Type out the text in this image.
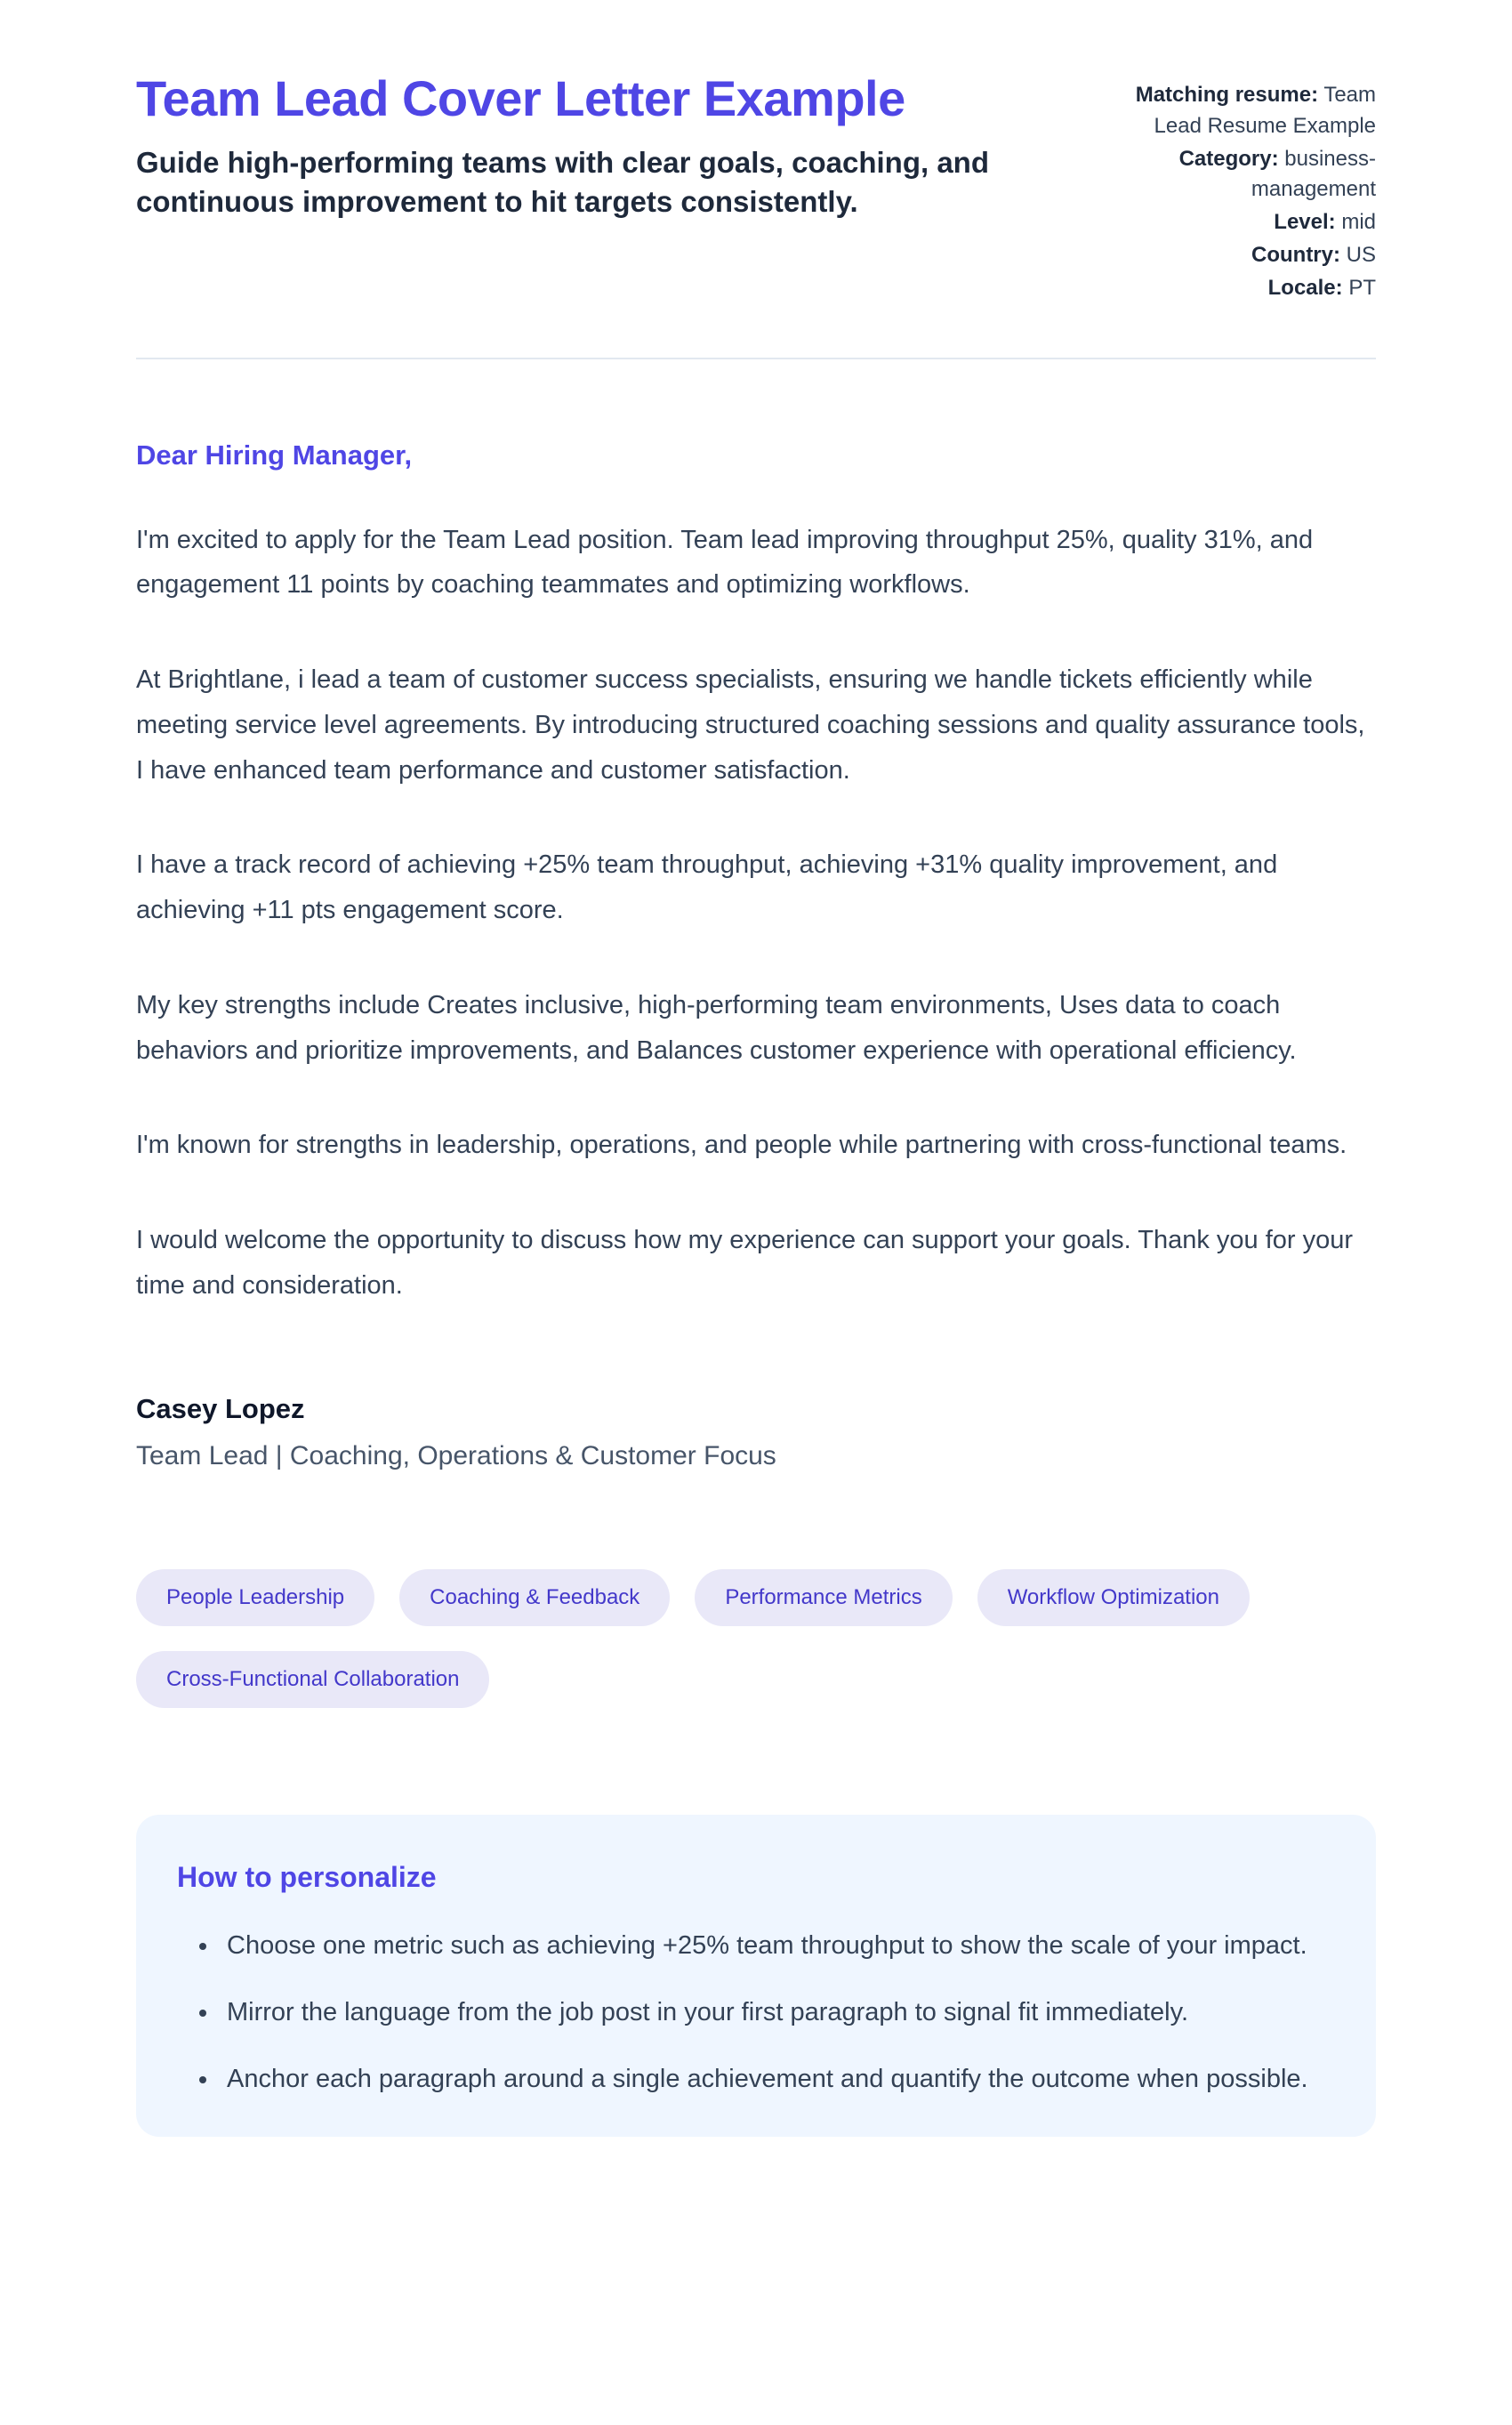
Team Lead Cover Letter Example

Guide high-performing teams with clear goals, coaching, and continuous improvement to hit targets consistently.

Matching resume: Team Lead Resume Example
Category: business-management
Level: mid
Country: US
Locale: PT

Dear Hiring Manager,

I'm excited to apply for the Team Lead position. Team lead improving throughput 25%, quality 31%, and engagement 11 points by coaching teammates and optimizing workflows.

At Brightlane, i lead a team of customer success specialists, ensuring we handle tickets efficiently while meeting service level agreements. By introducing structured coaching sessions and quality assurance tools, I have enhanced team performance and customer satisfaction.

I have a track record of achieving +25% team throughput, achieving +31% quality improvement, and achieving +11 pts engagement score.

My key strengths include Creates inclusive, high-performing team environments, Uses data to coach behaviors and prioritize improvements, and Balances customer experience with operational efficiency.

I'm known for strengths in leadership, operations, and people while partnering with cross-functional teams.

I would welcome the opportunity to discuss how my experience can support your goals. Thank you for your time and consideration.

Casey Lopez

Team Lead | Coaching, Operations & Customer Focus

People Leadership	Coaching & Feedback	Performance Metrics	Workflow Optimization
Cross-Functional Collaboration
How to personalize
• Choose one metric such as achieving +25% team throughput to show the scale of your impact.
• Mirror the language from the job post in your first paragraph to signal fit immediately.
• Anchor each paragraph around a single achievement and quantify the outcome when possible.
